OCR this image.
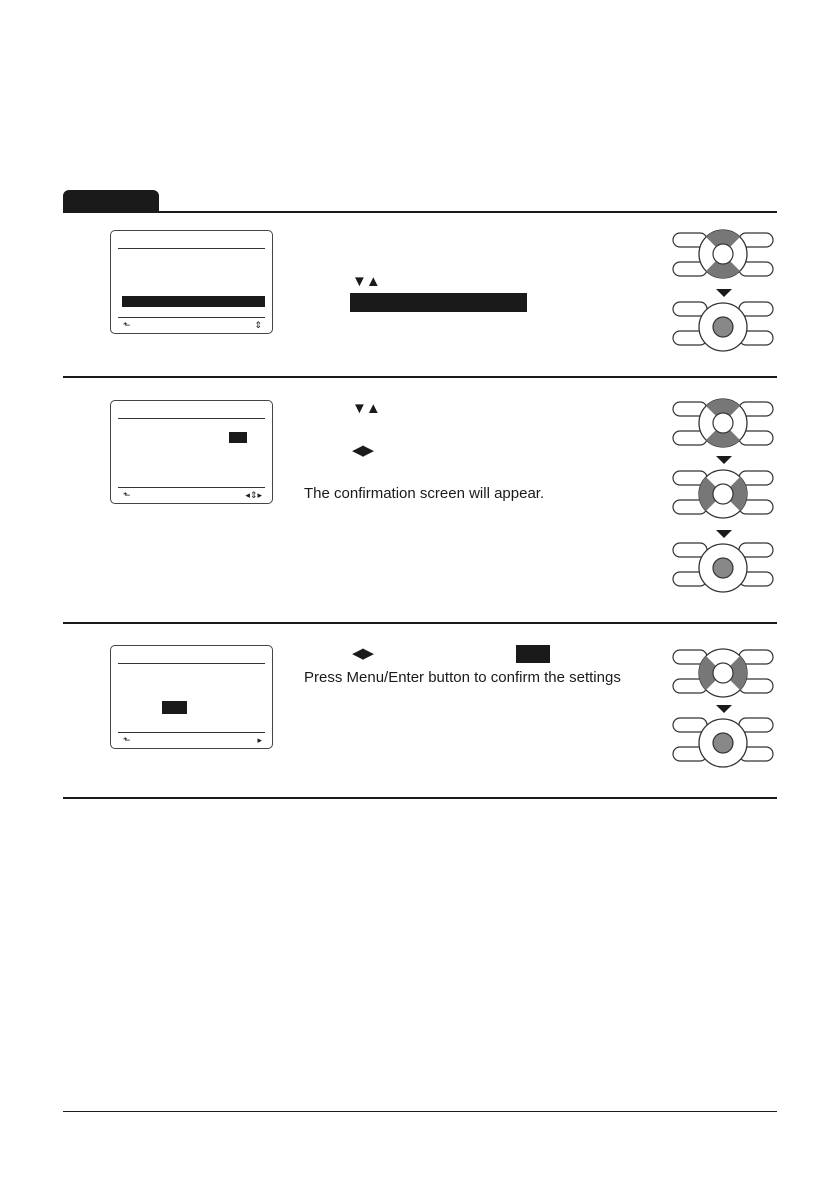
⬑	⇕
▼▲
⬑	◂⇕▸
▼▲
◀▶
The confirmation screen will appear.
⬑	▸
◀▶
Press Menu/Enter button to confirm the settings
